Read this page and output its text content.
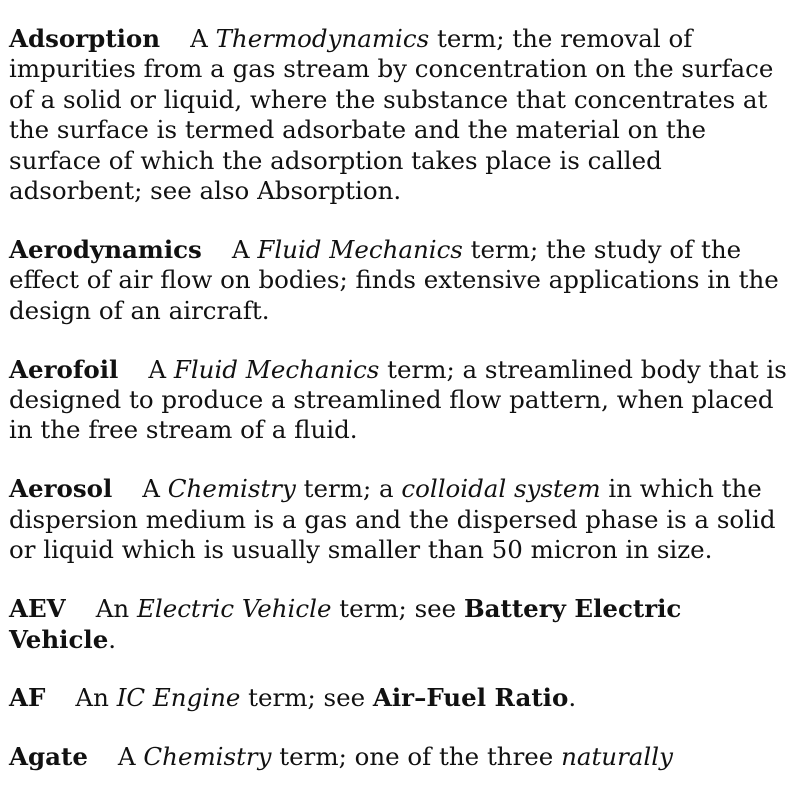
Adsorption A Thermodynamics term; the removal of impurities from a gas stream by concentration on the surface of a solid or liquid, where the substance that concentrates at the surface is termed adsorbate and the material on the surface of which the adsorption takes place is called adsorbent; see also Absorption.

Aerodynamics A Fluid Mechanics term; the study of the effect of air flow on bodies; finds extensive applications in the design of an aircraft.

Aerofoil A Fluid Mechanics term; a streamlined body that is designed to produce a streamlined flow pattern, when placed in the free stream of a fluid.

Aerosol A Chemistry term; a colloidal system in which the dispersion medium is a gas and the dispersed phase is a solid or liquid which is usually smaller than 50 micron in size.

AEV An Electric Vehicle term; see Battery Electric Vehicle.

AF An IC Engine term; see Air–Fuel Ratio.

Agate A Chemistry term; one of the three naturally
